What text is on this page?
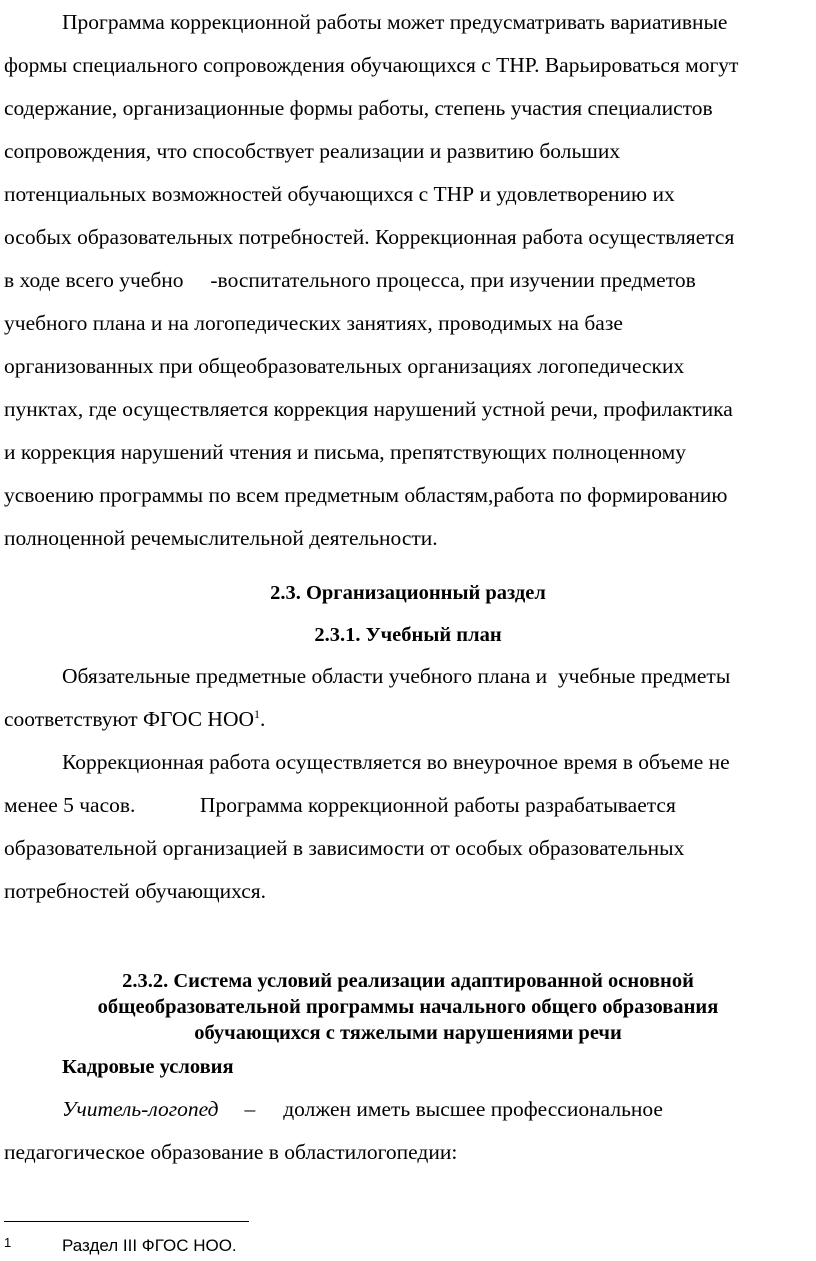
Программа коррекционной работы может предусматривать вариативные
формы специального сопровождения обучающихся с ТНР. Варьироваться могут
содержание, организационные формы работы, степень участия специалистов
сопровождения, что способствует реализации и развитию больших
потенциальных возможностей обучающихся с ТНР и удовлетворению их
особых образовательных потребностей. Коррекционная работа осуществляется
в ходе всего учебно     -воспитательного процесса, при изучении предметов
учебного плана и на логопедических занятиях, проводимых на базе
организованных при общеобразовательных организациях логопедических
пунктах, где осуществляется коррекция нарушений устной речи, профилактика
и коррекция нарушений чтения и письма, препятствующих полноценному
усвоению программы по всем предметным областям,работа по формированию
полноценной речемыслительной деятельности.
2.3. Организационный раздел
2.3.1. Учебный план
Обязательные предметные области учебного плана и  учебные предметы
соответствуют ФГОС НОО$^1$.
Коррекционная работа осуществляется во внеурочное время в объеме не
менее 5 часов.            Программа коррекционной работы разрабатывается
образовательной организацией в зависимости от особых образовательных
потребностей обучающихся.
2.3.2. Система условий реализации адаптированной основной
общеобразовательной программы начального общего образования
обучающихся с тяжелыми нарушениями речи
Кадровые условия
Учитель-логопед – должен иметь высшее профессиональное
педагогическое образование в областилогопедии:
1	Раздел III ФГОС НОО.
